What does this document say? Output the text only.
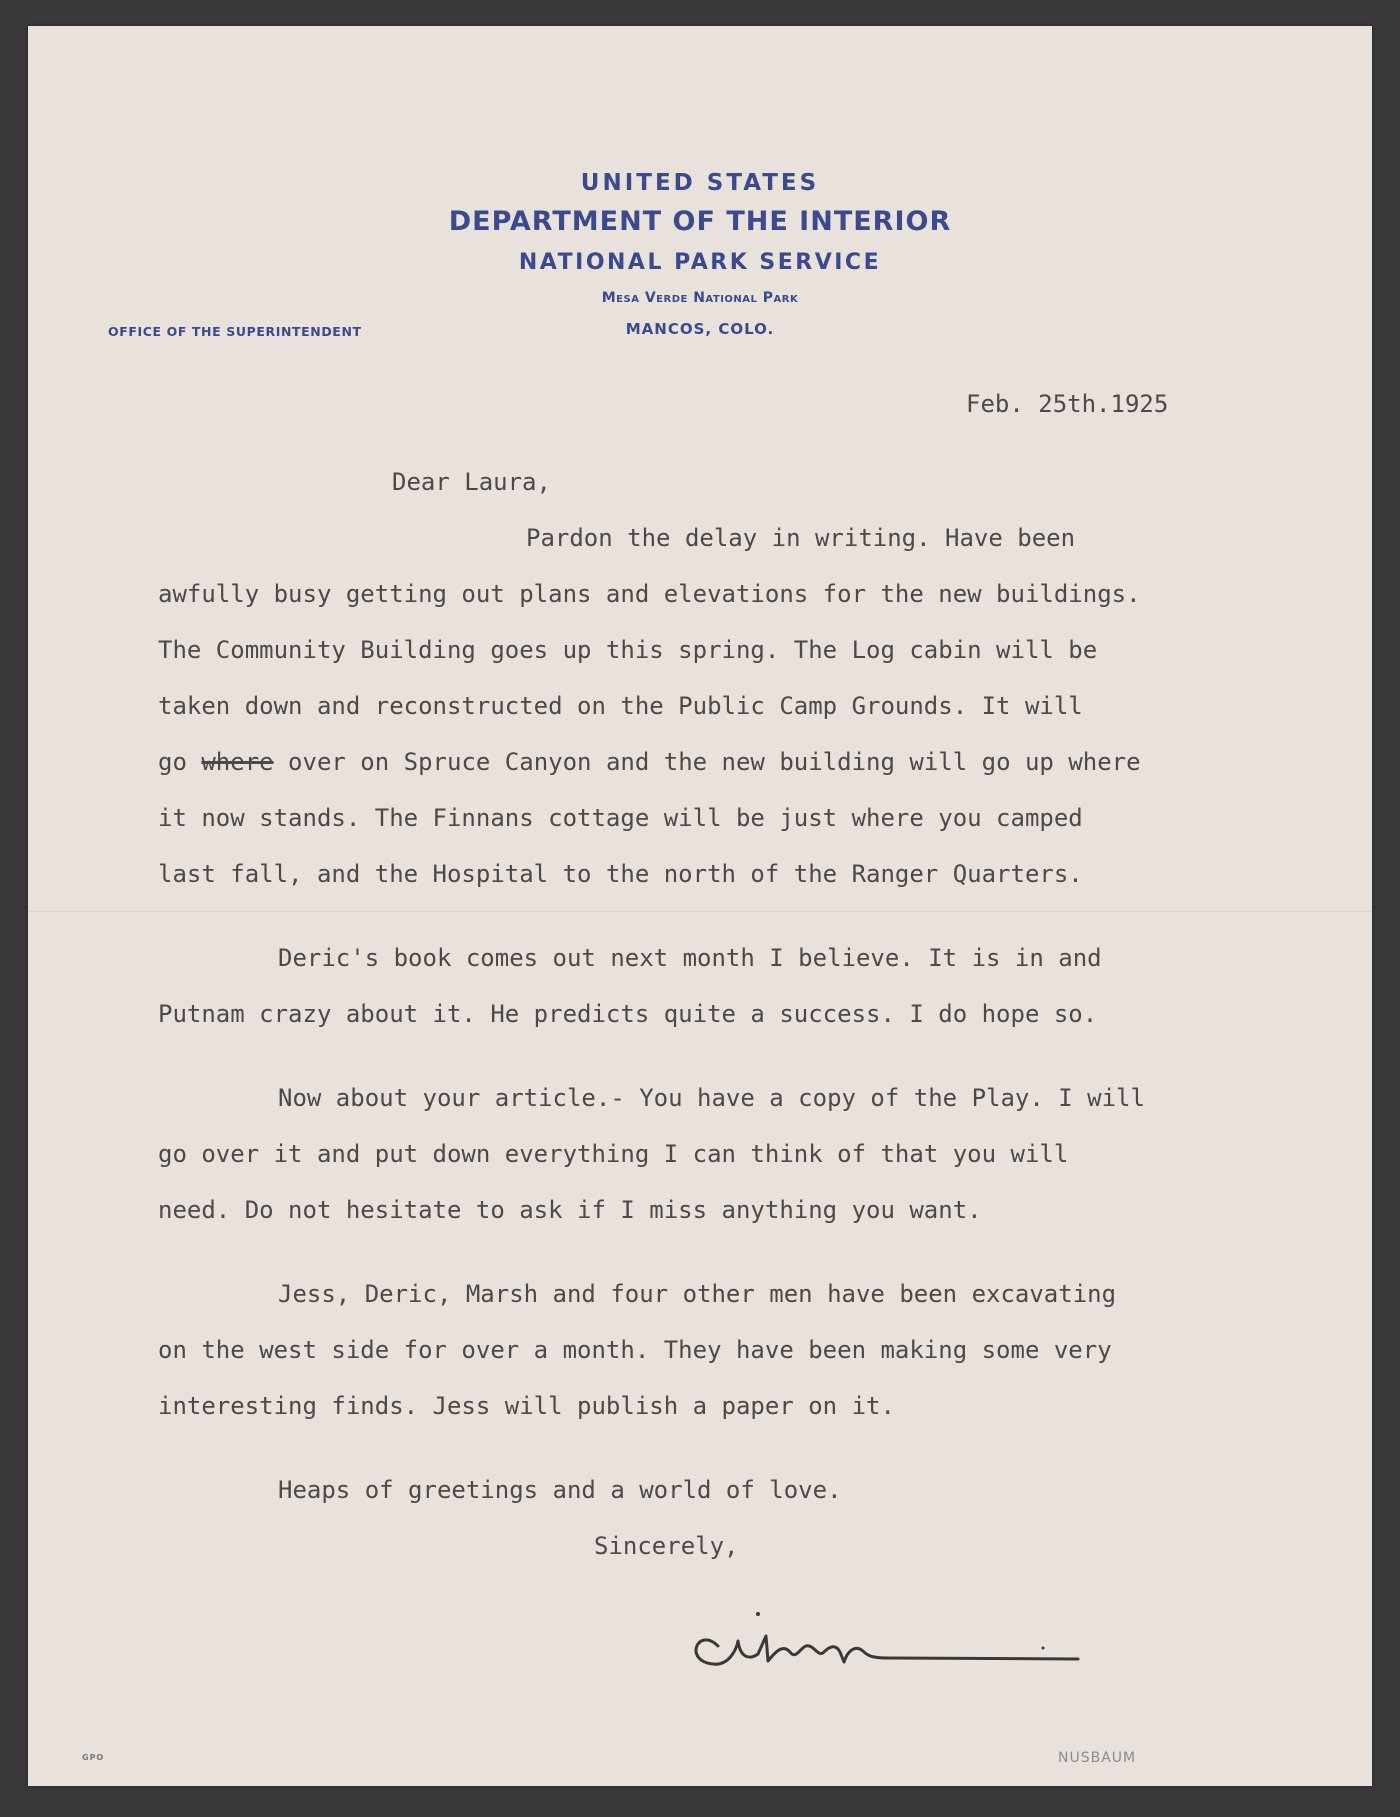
UNITED STATES
DEPARTMENT OF THE INTERIOR
NATIONAL PARK SERVICE
Mesa Verde National Park
MANCOS, COLO.
OFFICE OF THE SUPERINTENDENT
Feb. 25th.1925
Dear Laura,
Pardon the delay in writing. Have been
awfully busy getting out plans and elevations for the new buildings.
The Community Building goes up this spring. The Log cabin will be
taken down and reconstructed on the Public Camp Grounds. It will
go where over on Spruce Canyon and the new building will go up where
it now stands. The Finnans cottage will be just where you camped
last fall, and the Hospital to the north of the Ranger Quarters.
Deric's book comes out next month I believe. It is in and
Putnam crazy about it. He predicts quite a success. I do hope so.
Now about your article.- You have a copy of the Play. I will
go over it and put down everything I can think of that you will
need. Do not hesitate to ask if I miss anything you want.
Jess, Deric, Marsh and four other men have been excavating
on the west side for over a month. They have been making some very
interesting finds. Jess will publish a paper on it.
Heaps of greetings and a world of love.
Sincerely,
GPO	NUSBAUM
